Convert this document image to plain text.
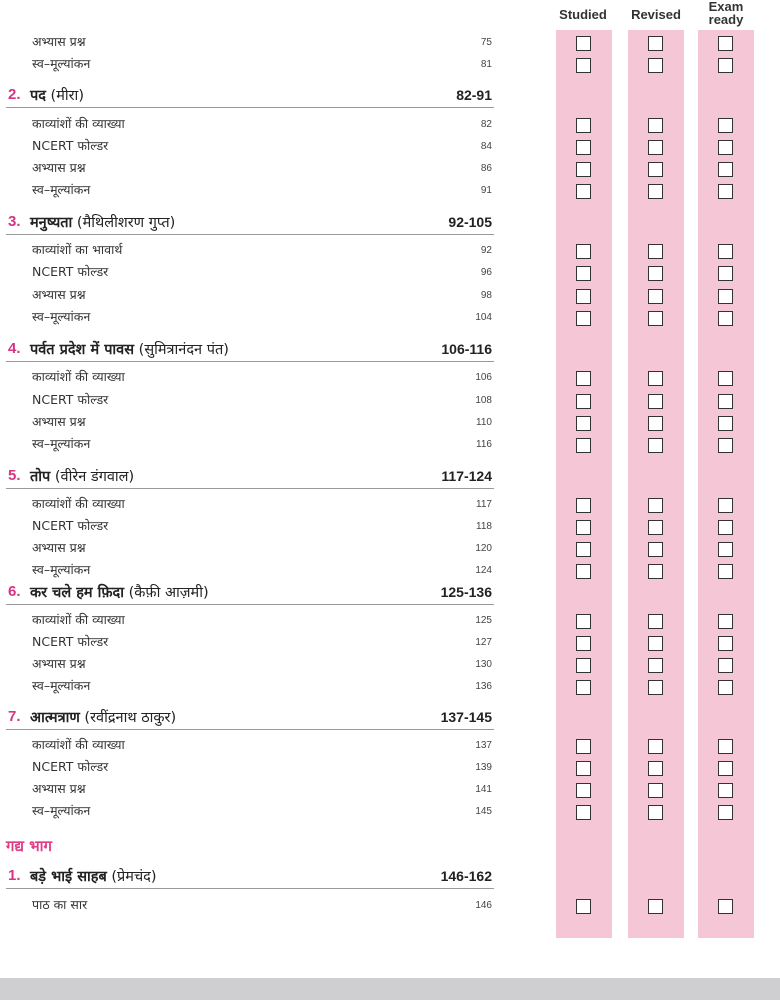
Studied	Revised
Exam
ready
अभ्यास प्रश्न	75
स्व–मूल्यांकन	81
2. पद (मीरा)	82-91
काव्यांशों की व्याख्या	82
NCERT फोल्डर	84
अभ्यास प्रश्न	86
स्व–मूल्यांकन	91
3. मनुष्यता (मैथिलीशरण गुप्त)	92-105
काव्यांशों का भावार्थ	92
NCERT फोल्डर	96
अभ्यास प्रश्न	98
स्व–मूल्यांकन	104
4. पर्वत प्रदेश में पावस (सुमित्रानंदन पंत)	106-116
काव्यांशों की व्याख्या	106
NCERT फोल्डर	108
अभ्यास प्रश्न	110
स्व–मूल्यांकन	116
5. तोप (वीरेन डंगवाल)	117-124
काव्यांशों की व्याख्या	117
NCERT फोल्डर	118
अभ्यास प्रश्न	120
स्व–मूल्यांकन	124
6. कर चले हम फ़िदा (कैफ़ी आज़मी)	125-136
काव्यांशों की व्याख्या	125
NCERT फोल्डर	127
अभ्यास प्रश्न	130
स्व–मूल्यांकन	136
7. आत्मत्राण (रवींद्रनाथ ठाकुर)	137-145
काव्यांशों की व्याख्या	137
NCERT फोल्डर	139
अभ्यास प्रश्न	141
स्व–मूल्यांकन	145
गद्य भाग
1. बड़े भाई साहब (प्रेमचंद)	146-162
पाठ का सार	146
